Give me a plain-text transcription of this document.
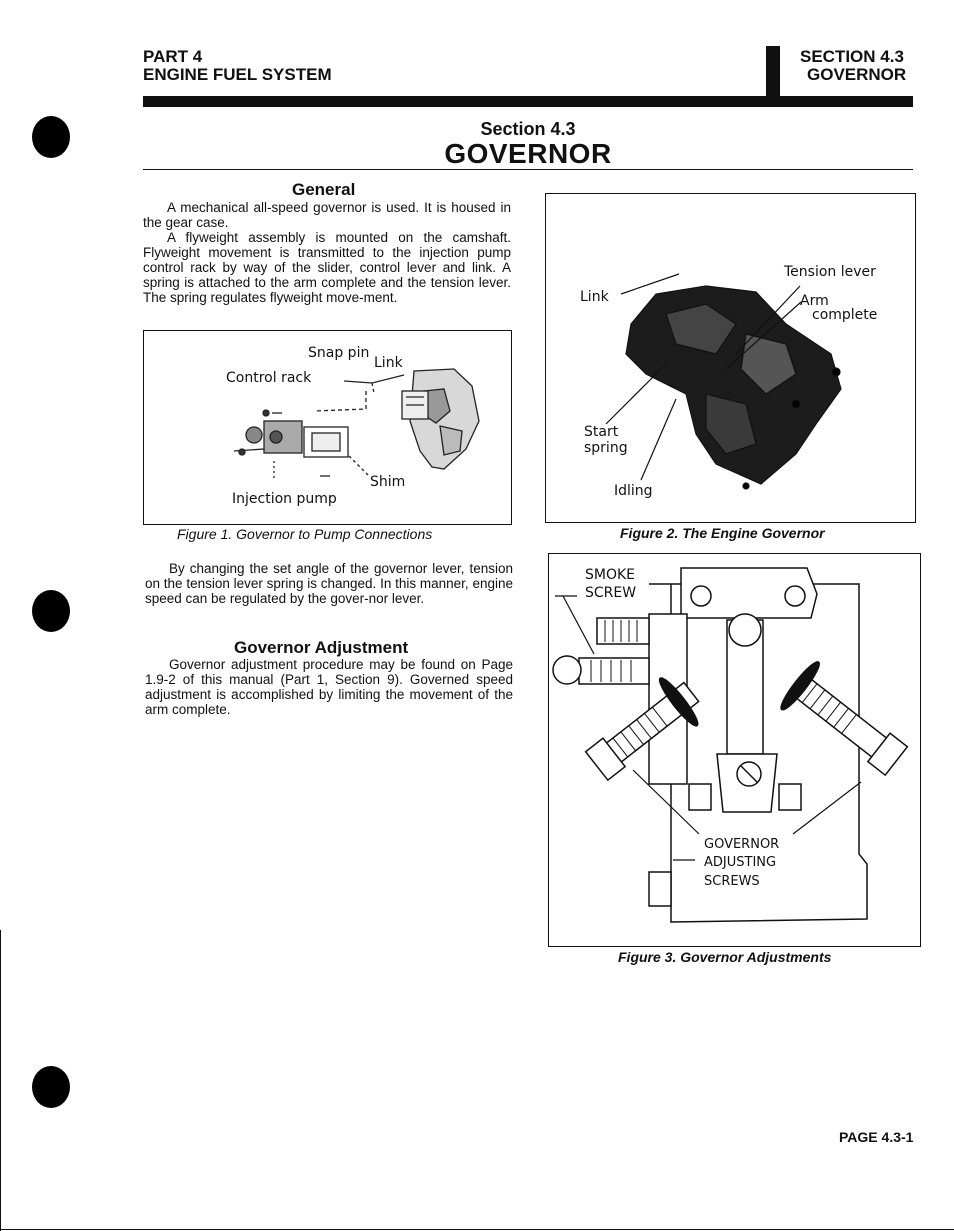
PART 4
ENGINE FUEL SYSTEM
SECTION 4.3
GOVERNOR
Section 4.3
GOVERNOR
General

A mechanical all-speed governor is used. It is housed in the gear case.

A flyweight assembly is mounted on the camshaft. Flyweight movement is transmitted to the injection pump control rack by way of the slider, control lever and link. A spring is attached to the arm complete and the tension lever. The spring regulates flyweight move-ment.

Snap pin
Link
Control rack
Shim
Injection pump
Figure 1. Governor to Pump Connections
Link
Tension lever
Arm
complete
Start
spring
Idling
Figure 2. The Engine Governor

By changing the set angle of the governor lever, tension on the tension lever spring is changed. In this manner, engine speed can be regulated by the gover-nor lever.

Governor Adjustment

Governor adjustment procedure may be found on Page 1.9-2 of this manual (Part 1, Section 9). Governed speed adjustment is accomplished by limiting the movement of the arm complete.

SMOKE
SCREW
GOVERNOR
ADJUSTING
SCREWS
Figure 3. Governor Adjustments
PAGE 4.3-1
